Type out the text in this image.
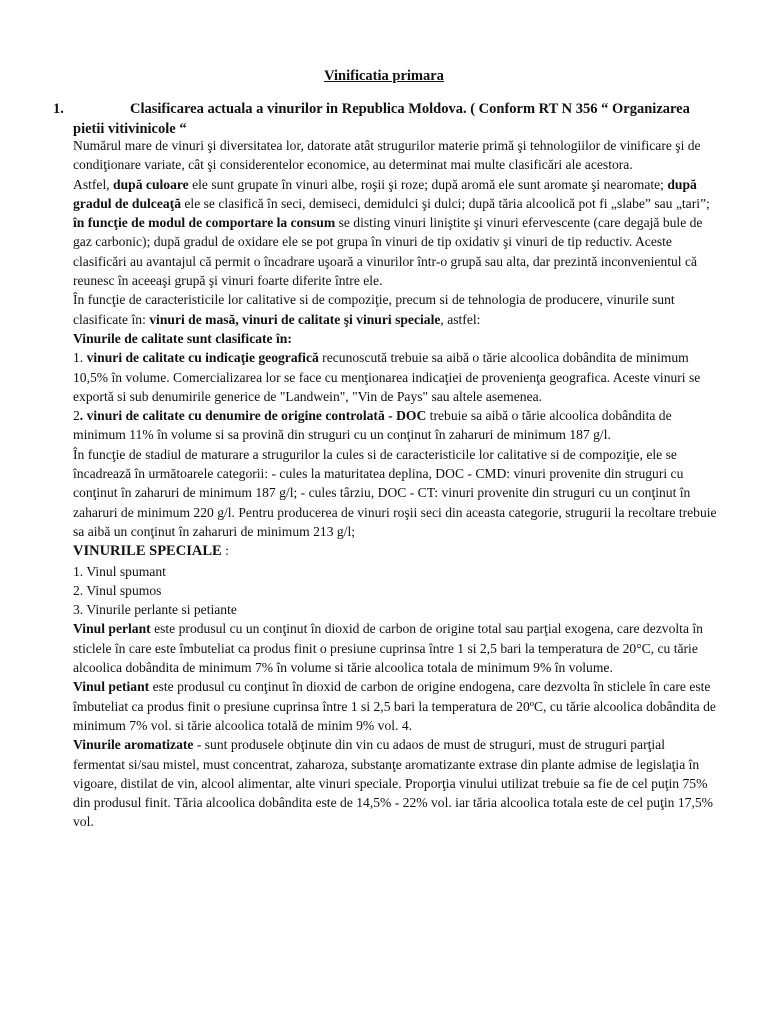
Vinificatia primara
1.	Clasificarea actuala a vinurilor in Republica Moldova. ( Conform RT N 356 “ Organizarea pietii vitivinicole “

Numărul mare de vinuri şi diversitatea lor, datorate atât strugurilor materie primă şi tehnologiilor de vinificare şi de condiţionare variate, cât şi considerentelor economice, au determinat mai multe clasificări ale acestora.

Astfel, după culoare ele sunt grupate în vinuri albe, roşii şi roze; după aromă ele sunt aromate şi nearomate; după gradul de dulceaţă ele se clasifică în seci, demiseci, demidulci şi dulci; după tăria alcoolică pot fi „slabe” sau „tari”; în funcţie de modul de comportare la consum se disting vinuri liniştite şi vinuri efervescente (care degajă bule de gaz carbonic); după gradul de oxidare ele se pot grupa în vinuri de tip oxidativ şi vinuri de tip reductiv. Aceste clasificări au avantajul că permit o încadrare uşoară a vinurilor într-o grupă sau alta, dar prezintă inconvenientul că reunesc în aceeaşi grupă şi vinuri foarte diferite între ele.

În funcţie de caracteristicile lor calitative si de compoziţie, precum si de tehnologia de producere, vinurile sunt clasificate în: vinuri de masă, vinuri de calitate şi vinuri speciale, astfel:

Vinurile de calitate sunt clasificate în:

1. vinuri de calitate cu indicaţie geografică recunoscută trebuie sa aibă o tărie alcoolica dobândita de minimum 10,5% în volume. Comercializarea lor se face cu menţionarea indicaţiei de provenienţa geografica. Aceste vinuri se exportă si sub denumirile generice de "Landwein", "Vin de Pays" sau altele asemenea.

2. vinuri de calitate cu denumire de origine controlată - DOC trebuie sa aibă o tărie alcoolica dobândita de minimum 11% în volume si sa provină din struguri cu un conţinut în zaharuri de minimum 187 g/l.

În funcţie de stadiul de maturare a strugurilor la cules si de caracteristicile lor calitative si de compoziţie, ele se încadrează în următoarele categorii: - cules la maturitatea deplina, DOC - CMD: vinuri provenite din struguri cu conţinut în zaharuri de minimum 187 g/l; - cules târziu, DOC - CT: vinuri provenite din struguri cu un conţinut în zaharuri de minimum 220 g/l. Pentru producerea de vinuri roşii seci din aceasta categorie, strugurii la recoltare trebuie sa aibă un conţinut în zaharuri de minimum 213 g/l;

VINURILE SPECIALE :

1. Vinul spumant

2. Vinul spumos

3. Vinurile perlante si petiante

Vinul perlant este produsul cu un conţinut în dioxid de carbon de origine total sau parţial exogena, care dezvolta în sticlele în care este îmbuteliat ca produs finit o presiune cuprinsa între 1 si 2,5 bari la temperatura de 20°C, cu tărie alcoolica dobândita de minimum 7% în volume si tărie alcoolica totala de minimum 9% în volume.

Vinul petiant este produsul cu conţinut în dioxid de carbon de origine endogena, care dezvolta în sticlele în care este îmbuteliat ca produs finit o presiune cuprinsa între 1 si 2,5 bari la temperatura de 20ºC, cu tărie alcoolica dobândita de minimum 7% vol. si tărie alcoolica totală de minim 9% vol. 4.

Vinurile aromatizate - sunt produsele obţinute din vin cu adaos de must de struguri, must de struguri parţial fermentat si/sau mistel, must concentrat, zaharoza, substanţe aromatizante extrase din plante admise de legislaţia în vigoare, distilat de vin, alcool alimentar, alte vinuri speciale. Proporţia vinului utilizat trebuie sa fie de cel puţin 75% din produsul finit. Tăria alcoolica dobândita este de 14,5% - 22% vol. iar tăria alcoolica totala este de cel puţin 17,5% vol.
